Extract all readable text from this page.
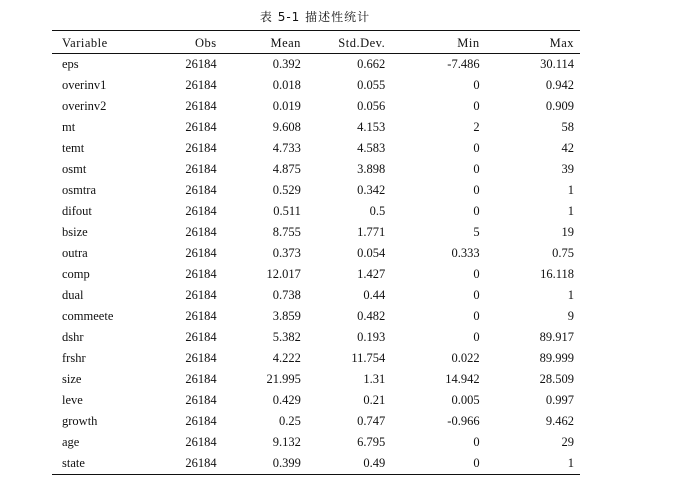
表 5-1 描述性统计
Variable	Obs	Mean	Std.Dev.	Min	Max
eps	26184	0.392	0.662	-7.486	30.114
overinv1	26184	0.018	0.055	0	0.942
overinv2	26184	0.019	0.056	0	0.909
mt	26184	9.608	4.153	2	58
temt	26184	4.733	4.583	0	42
osmt	26184	4.875	3.898	0	39
osmtra	26184	0.529	0.342	0	1
difout	26184	0.511	0.5	0	1
bsize	26184	8.755	1.771	5	19
outra	26184	0.373	0.054	0.333	0.75
comp	26184	12.017	1.427	0	16.118
dual	26184	0.738	0.44	0	1
commeete	26184	3.859	0.482	0	9
dshr	26184	5.382	0.193	0	89.917
frshr	26184	4.222	11.754	0.022	89.999
size	26184	21.995	1.31	14.942	28.509
leve	26184	0.429	0.21	0.005	0.997
growth	26184	0.25	0.747	-0.966	9.462
age	26184	9.132	6.795	0	29
state	26184	0.399	0.49	0	1
